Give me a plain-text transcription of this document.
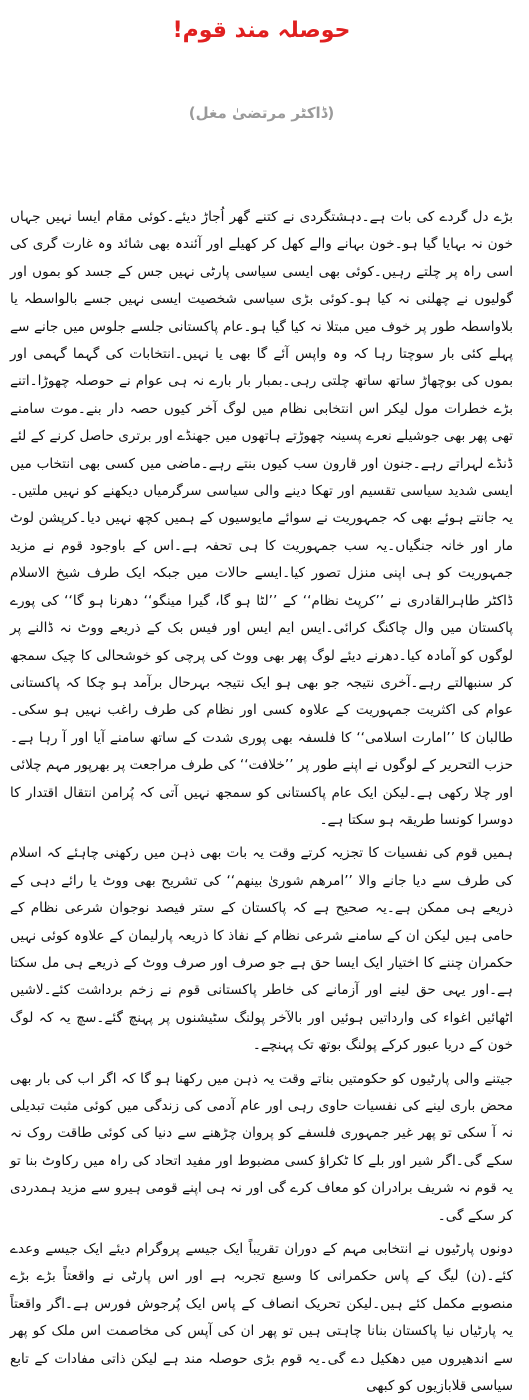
حوصلہ مند قوم!

(ڈاکٹر مرتضیٰ مغل)

بڑے دل گردے کی بات ہے۔دہشتگردی نے کتنے گھر اُجاڑ دیئے۔کوئی مقام ایسا نہیں جہاں خون نہ بہایا گیا ہو۔خون بہانے والے کھل کر کھیلے اور آئندہ بھی شائد وہ غارت گری کی اسی راہ پر چلتے رہیں۔کوئی بھی ایسی سیاسی پارٹی نہیں جس کے جسد کو بموں اور گولیوں نے چھلنی نہ کیا ہو۔کوئی بڑی سیاسی شخصیت ایسی نہیں جسے بالواسطہ یا بلاواسطہ طور پر خوف میں مبتلا نہ کیا گیا ہو۔عام پاکستانی جلسے جلوس میں جانے سے پہلے کئی بار سوچتا رہا کہ وہ واپس آئے گا بھی یا نہیں۔انتخابات کی گہما گہمی اور بموں کی بوچھاڑ ساتھ ساتھ چلتی رہی۔بمبار بار بارے نہ ہی عوام نے حوصلہ چھوڑا۔اتنے بڑے خطرات مول لیکر اس انتخابی نظام میں لوگ آخر کیوں حصہ دار بنے۔موت سامنے تھی پھر بھی جوشیلے نعرے پسینہ چھوڑتے ہاتھوں میں جھنڈے اور برتری حاصل کرنے کے لئے ڈنڈے لہراتے رہے۔جنون اور قارون سب کیوں بنتے رہے۔ماضی میں کسی بھی انتخاب میں ایسی شدید سیاسی تقسیم اور تھکا دینے والی سیاسی سرگرمیاں دیکھنے کو نہیں ملتیں۔یہ جانتے ہوئے بھی کہ جمہوریت نے سوائے مایوسیوں کے ہمیں کچھ نہیں دیا۔کرپشن لوٹ مار اور خانہ جنگیاں۔یہ سب جمہوریت کا ہی تحفہ ہے۔اس کے باوجود قوم نے مزید جمہوریت کو ہی اپنی منزل تصور کیا۔ایسے حالات میں جبکہ ایک طرف شیخ الاسلام ڈاکٹر طاہرالقادری نے ’’کرپٹ نظام‘‘ کے ’’لٹا ہو گا، گیرا مینگو‘‘ دھرنا ہو گا‘‘ کی پورے پاکستان میں وال چاکنگ کرائی۔ایس ایم ایس اور فیس بک کے ذریعے ووٹ نہ ڈالنے پر لوگوں کو آمادہ کیا۔دھرنے دیئے لوگ پھر بھی ووٹ کی پرچی کو خوشحالی کا چیک سمجھ کر سنبھالتے رہے۔آخری نتیجہ جو بھی ہو ایک نتیجہ بہرحال برآمد ہو چکا کہ پاکستانی عوام کی اکثریت جمہوریت کے علاوہ کسی اور نظام کی طرف راغب نہیں ہو سکی۔طالبان کا ’’امارت اسلامی‘‘ کا فلسفہ بھی پوری شدت کے ساتھ سامنے آیا اور آ رہا ہے۔حزب التحریر کے لوگوں نے اپنے طور پر ’’خلافت‘‘ کی طرف مراجعت پر بھرپور مہم چلائی اور چلا رکھی ہے۔لیکن ایک عام پاکستانی کو سمجھ نہیں آتی کہ پُرامن انتقال اقتدار کا دوسرا کونسا طریقہ ہو سکتا ہے۔

ہمیں قوم کی نفسیات کا تجزیہ کرتے وقت یہ بات بھی ذہن میں رکھنی چاہئے کہ اسلام کی طرف سے دیا جانے والا ’’امرھم شوریٰ بینھم‘‘ کی تشریح بھی ووٹ یا رائے دہی کے ذریعے ہی ممکن ہے۔یہ صحیح ہے کہ پاکستان کے ستر فیصد نوجوان شرعی نظام کے حامی ہیں لیکن ان کے سامنے شرعی نظام کے نفاذ کا ذریعہ پارلیمان کے علاوہ کوئی نہیں حکمران چننے کا اختیار ایک ایسا حق ہے جو صرف اور صرف ووٹ کے ذریعے ہی مل سکتا ہے۔اور یہی حق لینے اور آزمانے کی خاطر پاکستانی قوم نے زخم برداشت کئے۔لاشیں اٹھائیں اغواء کی وارداتیں ہوئیں اور بالآخر پولنگ سٹیشنوں پر پہنچ گئے۔سچ یہ کہ لوگ خون کے دریا عبور کرکے پولنگ بوتھ تک پہنچے۔

جیتنے والی پارٹیوں کو حکومتیں بناتے وقت یہ ذہن میں رکھنا ہو گا کہ اگر اب کی بار بھی محض باری لینے کی نفسیات حاوی رہی اور عام آدمی کی زندگی میں کوئی مثبت تبدیلی نہ آ سکی تو پھر غیر جمہوری فلسفے کو پروان چڑھنے سے دنیا کی کوئی طاقت روک نہ سکے گی۔اگر شیر اور بلے کا ٹکراؤ کسی مضبوط اور مفید اتحاد کی راہ میں رکاوٹ بنا تو یہ قوم نہ شریف برادران کو معاف کرے گی اور نہ ہی اپنے قومی ہیرو سے مزید ہمدردی کر سکے گی۔

دونوں پارٹیوں نے انتخابی مہم کے دوران تقریباً ایک جیسے پروگرام دیئے ایک جیسے وعدے کئے۔(ن) لیگ کے پاس حکمرانی کا وسیع تجربہ ہے اور اس پارٹی نے واقعتاً بڑے بڑے منصوبے مکمل کئے ہیں۔لیکن تحریک انصاف کے پاس ایک پُرجوش فورس ہے۔اگر واقعتاً یہ پارٹیاں نیا پاکستان بنانا چاہتی ہیں تو پھر ان کی آپس کی مخاصمت اس ملک کو پھر سے اندھیروں میں دھکیل دے گی۔یہ قوم بڑی حوصلہ مند ہے لیکن ذاتی مفادات کے تابع سیاسی قلابازیوں کو کبھی
